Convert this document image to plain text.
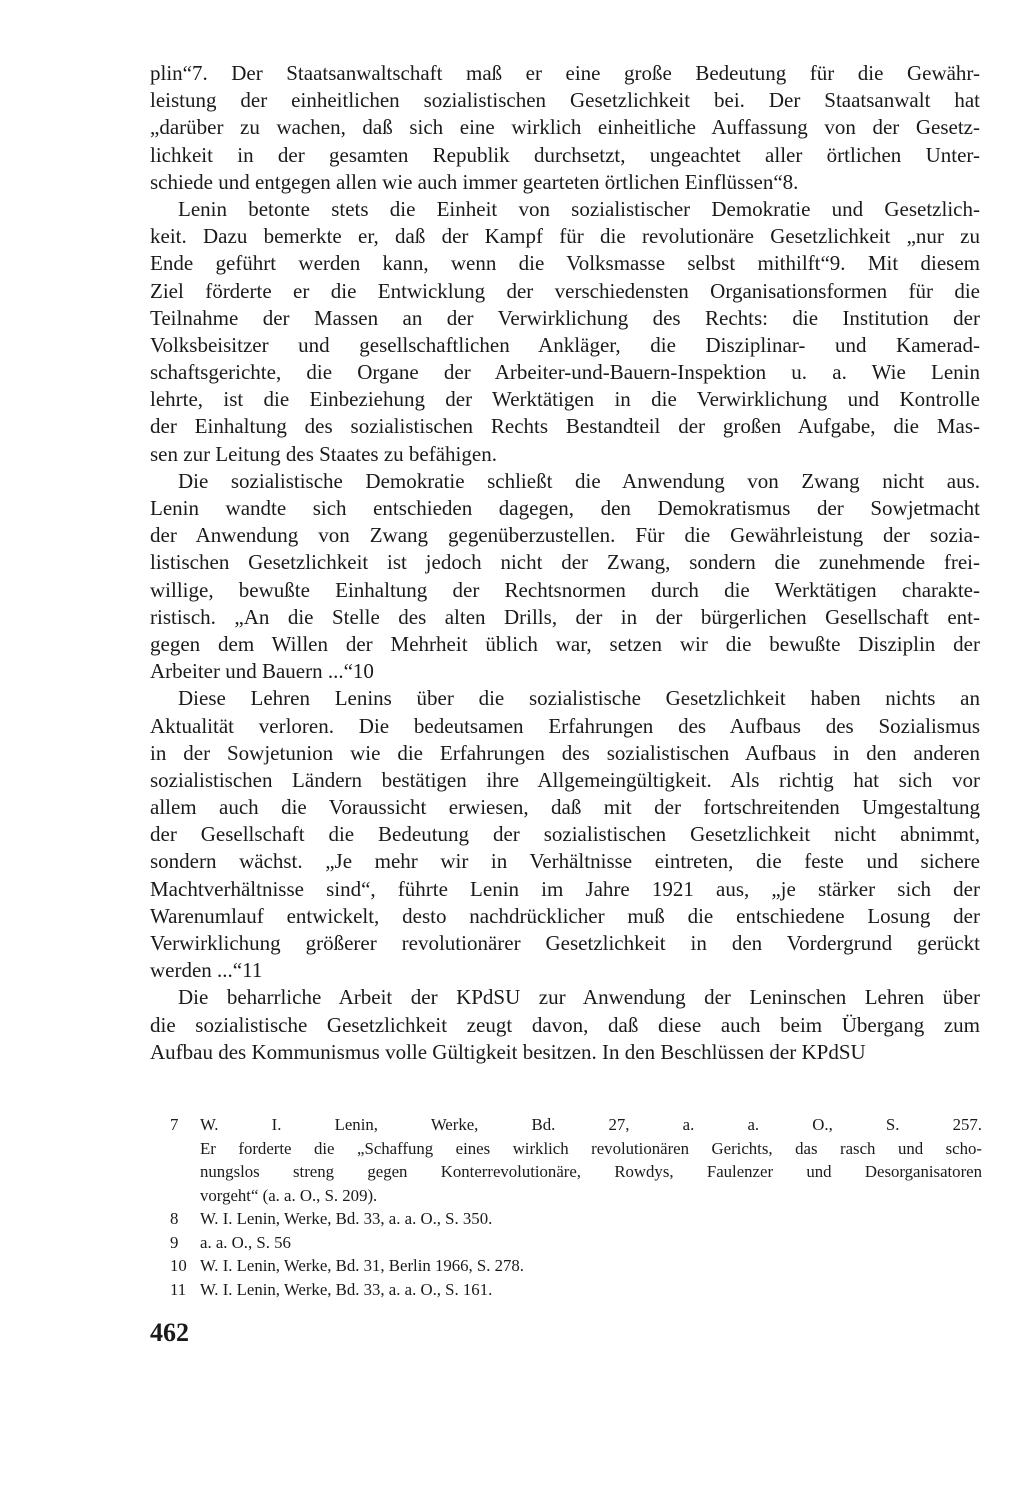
plin“7. Der Staatsanwaltschaft maß er eine große Bedeutung für die Gewähr-
leistung der einheitlichen sozialistischen Gesetzlichkeit bei. Der Staatsanwalt hat
„darüber zu wachen, daß sich eine wirklich einheitliche Auffassung von der Gesetz-
lichkeit in der gesamten Republik durchsetzt, ungeachtet aller örtlichen Unter-
schiede und entgegen allen wie auch immer gearteten örtlichen Einflüssen“8.
Lenin betonte stets die Einheit von sozialistischer Demokratie und Gesetzlich-
keit. Dazu bemerkte er, daß der Kampf für die revolutionäre Gesetzlichkeit „nur zu
Ende geführt werden kann, wenn die Volksmasse selbst mithilft“9. Mit diesem
Ziel förderte er die Entwicklung der verschiedensten Organisationsformen für die
Teilnahme der Massen an der Verwirklichung des Rechts: die Institution der
Volksbeisitzer und gesellschaftlichen Ankläger, die Disziplinar- und Kamerad-
schaftsgerichte, die Organe der Arbeiter-und-Bauern-Inspektion u. a. Wie Lenin
lehrte, ist die Einbeziehung der Werktätigen in die Verwirklichung und Kontrolle
der Einhaltung des sozialistischen Rechts Bestandteil der großen Aufgabe, die Mas-
sen zur Leitung des Staates zu befähigen.
Die sozialistische Demokratie schließt die Anwendung von Zwang nicht aus.
Lenin wandte sich entschieden dagegen, den Demokratismus der Sowjetmacht
der Anwendung von Zwang gegenüberzustellen. Für die Gewährleistung der sozia-
listischen Gesetzlichkeit ist jedoch nicht der Zwang, sondern die zunehmende frei-
willige, bewußte Einhaltung der Rechtsnormen durch die Werktätigen charakte-
ristisch. „An die Stelle des alten Drills, der in der bürgerlichen Gesellschaft ent-
gegen dem Willen der Mehrheit üblich war, setzen wir die bewußte Disziplin der
Arbeiter und Bauern ...“10
Diese Lehren Lenins über die sozialistische Gesetzlichkeit haben nichts an
Aktualität verloren. Die bedeutsamen Erfahrungen des Aufbaus des Sozialismus
in der Sowjetunion wie die Erfahrungen des sozialistischen Aufbaus in den anderen
sozialistischen Ländern bestätigen ihre Allgemeingültigkeit. Als richtig hat sich vor
allem auch die Voraussicht erwiesen, daß mit der fortschreitenden Umgestaltung
der Gesellschaft die Bedeutung der sozialistischen Gesetzlichkeit nicht abnimmt,
sondern wächst. „Je mehr wir in Verhältnisse eintreten, die feste und sichere
Machtverhältnisse sind“, führte Lenin im Jahre 1921 aus, „je stärker sich der
Warenumlauf entwickelt, desto nachdrücklicher muß die entschiedene Losung der
Verwirklichung größerer revolutionärer Gesetzlichkeit in den Vordergrund gerückt
werden ...“11
Die beharrliche Arbeit der KPdSU zur Anwendung der Leninschen Lehren über
die sozialistische Gesetzlichkeit zeugt davon, daß diese auch beim Übergang zum
Aufbau des Kommunismus volle Gültigkeit besitzen. In den Beschlüssen der KPdSU
7	W. I. Lenin, Werke, Bd. 27, a. a. O., S. 257.
Er forderte die „Schaffung eines wirklich revolutionären Gerichts, das rasch und scho-
nungslos streng gegen Konterrevolutionäre, Rowdys, Faulenzer und Desorganisatoren
vorgeht“ (a. a. O., S. 209).
8	W. I. Lenin, Werke, Bd. 33, a. a. O., S. 350.
9	a. a. O., S. 56
10 W. I. Lenin, Werke, Bd. 31, Berlin 1966, S. 278.
11 W. I. Lenin, Werke, Bd. 33, a. a. O., S. 161.
462
